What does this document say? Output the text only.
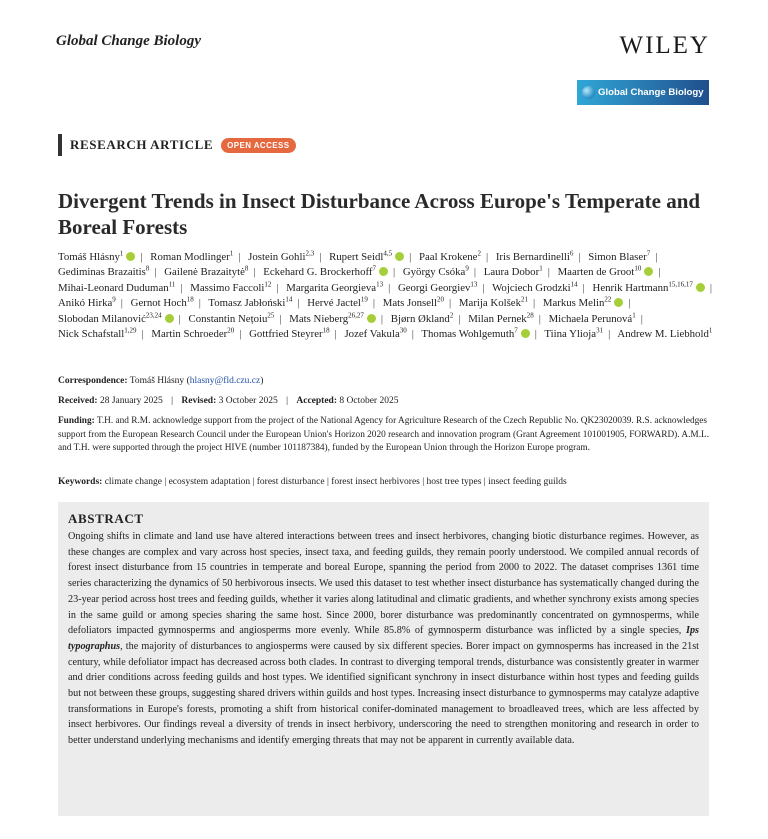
Global Change Biology	WILEY
Global Change Biology
RESEARCH ARTICLE	OPEN ACCESS
Divergent Trends in Insect Disturbance Across Europe's Temperate and Boreal Forests
Tomáš Hlásny$^1$ | Roman Modlinger$^1$ | Jostein Gohli$^{2,3}$ | Rupert Seidl$^{4,5}$ | Paal Krokene$^2$ | Iris Bernardinelli$^6$ | Simon Blaser$^7$ | Gediminas Brazaitis$^8$ | Gailenė Brazaitytė$^8$ | Eckehard G. Brockerhoff$^7$ | György Csóka$^9$ | Laura Dobor$^1$ | Maarten de Groot$^{10}$ | Mihai-Leonard Duduman$^{11}$ | Massimo Faccoli$^{12}$ | Margarita Georgieva$^{13}$ | Georgi Georgiev$^{13}$ | Wojciech Grodzki$^{14}$ | Henrik Hartmann$^{15,16,17}$ | Anikó Hirka$^9$ | Gernot Hoch$^{18}$ | Tomasz Jabłoński$^{14}$ | Hervé Jactel$^{19}$ | Mats Jonsell$^{20}$ | Marija Kolšek$^{21}$ | Markus Melin$^{22}$ | Slobodan Milanović$^{23,24}$ | Constantin Nețoiu$^{25}$ | Mats Nieberg$^{26,27}$ | Bjørn Økland$^2$ | Milan Pernek$^{28}$ | Michaela Perunová$^1$ | Nick Schafstall$^{1,29}$ | Martin Schroeder$^{20}$ | Gottfried Steyrer$^{18}$ | Jozef Vakula$^{30}$ | Thomas Wohlgemuth$^7$ | Tiina Ylioja$^{31}$ | Andrew M. Liebhold$^1$
Correspondence: Tomáš Hlásny (hlasny@fld.czu.cz)
Received: 28 January 2025 | Revised: 3 October 2025 | Accepted: 8 October 2025
Funding: T.H. and R.M. acknowledge support from the project of the National Agency for Agriculture Research of the Czech Republic No. QK23020039. R.S. acknowledges support from the European Research Council under the European Union's Horizon 2020 research and innovation program (Grant Agreement 101001905, FORWARD). A.M.L. and T.H. were supported through the project HIVE (number 101187384), funded by the European Union through the Horizon Europe program.
Keywords: climate change | ecosystem adaptation | forest disturbance | forest insect herbivores | host tree types | insect feeding guilds
ABSTRACT

Ongoing shifts in climate and land use have altered interactions between trees and insect herbivores, changing biotic disturbance regimes. However, as these changes are complex and vary across host species, insect taxa, and feeding guilds, they remain poorly understood. We compiled annual records of forest insect disturbance from 15 countries in temperate and boreal Europe, spanning the period from 2000 to 2022. The dataset comprises 1361 time series characterizing the dynamics of 50 herbivorous insects. We used this dataset to test whether insect disturbance has systematically changed during the 23-year period across host trees and feeding guilds, whether it varies along latitudinal and climatic gradients, and whether synchrony exists among species in the same guild or among species sharing the same host. Since 2000, borer disturbance was predominantly concentrated on gymnosperms, while defoliators impacted gymnosperms and angiosperms more evenly. While 85.8% of gymnosperm disturbance was inflicted by a single species, Ips typographus, the majority of disturbances to angiosperms were caused by six different species. Borer impact on gymnosperms has increased in the 21st century, while defoliator impact has decreased across both clades. In contrast to diverging temporal trends, disturbance was consistently greater in warmer and drier conditions across feeding guilds and host types. We identified significant synchrony in insect disturbance within host types and feeding guilds but not between these groups, suggesting shared drivers within guilds and host types. Increasing insect disturbance to gymnosperms may catalyze adaptive transformations in Europe's forests, promoting a shift from historical conifer-dominated management to broadleaved trees, which are less affected by insect herbivores. Our findings reveal a diversity of trends in insect herbivory, underscoring the need to strengthen monitoring and research in order to better understand underlying mechanisms and identify emerging threats that may not be apparent in currently available data.
